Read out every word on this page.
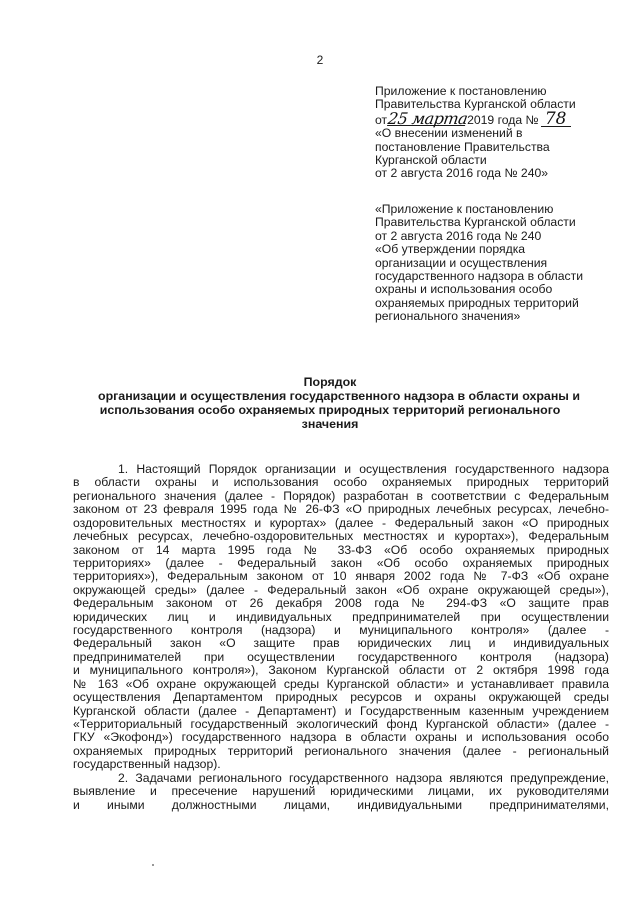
2
Приложение к постановлению
Правительства Курганской области
от25 марта2019 года № 78
«О внесении изменений в
постановление Правительства
Курганской области
от 2 августа 2016 года № 240»
«Приложение к постановлению
Правительства Курганской области
от 2 августа 2016 года № 240
«Об утверждении порядка
организации и осуществления
государственного надзора в области
охраны и использования особо
охраняемых природных территорий
регионального значения»
Порядок
организации и осуществления государственного надзора в области охраны и
использования особо охраняемых природных территорий регионального
значения
1. Настоящий Порядок организации и осуществления государственного надзора
в области охраны и использования особо охраняемых природных территорий
регионального значения (далее - Порядок) разработан в соответствии с Федеральным
законом от 23 февраля 1995 года № 26-ФЗ «О природных лечебных ресурсах, лечебно-
оздоровительных местностях и курортах» (далее - Федеральный закон «О природных
лечебных ресурсах, лечебно-оздоровительных местностях и курортах»), Федеральным
законом от 14 марта 1995 года № 33-ФЗ «Об особо охраняемых природных
территориях» (далее - Федеральный закон «Об особо охраняемых природных
территориях»), Федеральным законом от 10 января 2002 года № 7-ФЗ «Об охране
окружающей среды» (далее - Федеральный закон «Об охране окружающей среды»),
Федеральным законом от 26 декабря 2008 года № 294-ФЗ «О защите прав
юридических лиц и индивидуальных предпринимателей при осуществлении
государственного контроля (надзора) и муниципального контроля» (далее -
Федеральный закон «О защите прав юридических лиц и индивидуальных
предпринимателей при осуществлении государственного контроля (надзора)
и муниципального контроля»), Законом Курганской области от 2 октября 1998 года
№ 163 «Об охране окружающей среды Курганской области» и устанавливает правила
осуществления Департаментом природных ресурсов и охраны окружающей среды
Курганской области (далее - Департамент) и Государственным казенным учреждением
«Территориальный государственный экологический фонд Курганской области» (далее -
ГКУ «Экофонд») государственного надзора в области охраны и использования особо
охраняемых природных территорий регионального значения (далее - региональный
государственный надзор).
2. Задачами регионального государственного надзора являются предупреждение,
выявление и пресечение нарушений юридическими лицами, их руководителями
и иными должностными лицами, индивидуальными предпринимателями,
